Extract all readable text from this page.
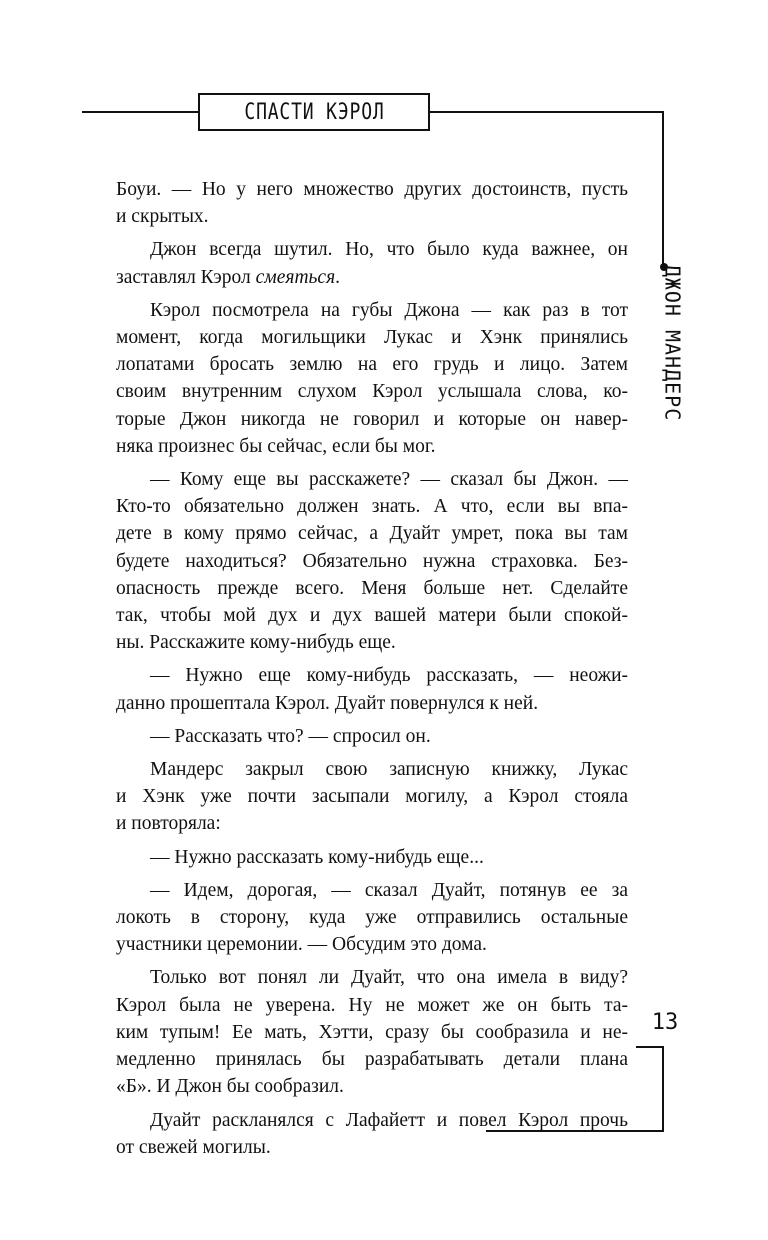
СПАСТИ КЭРОЛ
ДЖОН МАНДЕРС
13
Боуи. — Но у него множество других достоинств, пусть
и скрытых.
Джон всегда шутил. Но, что было куда важнее, он
заставлял Кэрол смеяться.
Кэрол посмотрела на губы Джона — как раз в тот
момент, когда могильщики Лукас и Хэнк принялись
лопатами бросать землю на его грудь и лицо. Затем
своим внутренним слухом Кэрол услышала слова, ко-
торые Джон никогда не говорил и которые он навер-
няка произнес бы сейчас, если бы мог.
— Кому еще вы расскажете? — сказал бы Джон. —
Кто-то обязательно должен знать. А что, если вы впа-
дете в кому прямо сейчас, а Дуайт умрет, пока вы там
будете находиться? Обязательно нужна страховка. Без-
опасность прежде всего. Меня больше нет. Сделайте
так, чтобы мой дух и дух вашей матери были спокой-
ны. Расскажите кому-нибудь еще.
— Нужно еще кому-нибудь рассказать, — неожи-
данно прошептала Кэрол. Дуайт повернулся к ней.
— Рассказать что? — спросил он.
Мандерс закрыл свою записную книжку, Лукас
и Хэнк уже почти засыпали могилу, а Кэрол стояла
и повторяла:
— Нужно рассказать кому-нибудь еще...
— Идем, дорогая, — сказал Дуайт, потянув ее за
локоть в сторону, куда уже отправились остальные
участники церемонии. — Обсудим это дома.
Только вот понял ли Дуайт, что она имела в виду?
Кэрол была не уверена. Ну не может же он быть та-
ким тупым! Ее мать, Хэтти, сразу бы сообразила и не-
медленно принялась бы разрабатывать детали плана
«Б». И Джон бы сообразил.
Дуайт раскланялся с Лафайетт и повел Кэрол прочь
от свежей могилы.
